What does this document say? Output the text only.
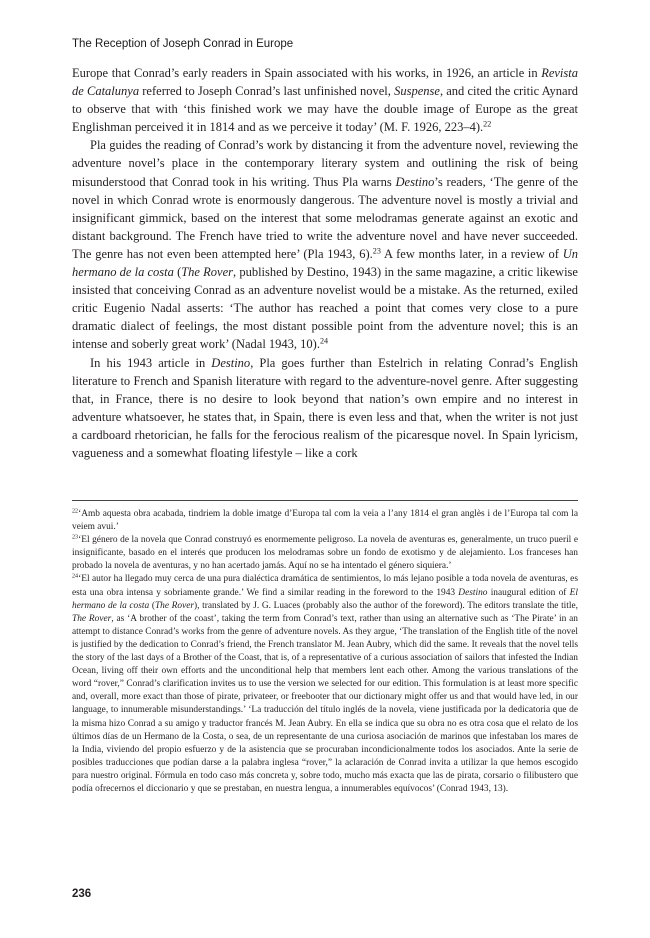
The Reception of Joseph Conrad in Europe

Europe that Conrad’s early readers in Spain associated with his works, in 1926, an article in Revista de Catalunya referred to Joseph Conrad’s last unfinished novel, Suspense, and cited the critic Aynard to observe that with ‘this finished work we may have the double image of Europe as the great Englishman perceived it in 1814 and as we perceive it today’ (M. F. 1926, 223–4).$^{22}$

Pla guides the reading of Conrad’s work by distancing it from the adventure novel, reviewing the adventure novel’s place in the contemporary literary system and outlining the risk of being misunderstood that Conrad took in his writing. Thus Pla warns Destino’s readers, ‘The genre of the novel in which Conrad wrote is enormously dangerous. The adventure novel is mostly a trivial and insignificant gimmick, based on the interest that some melodramas generate against an exotic and distant background. The French have tried to write the adventure novel and have never succeeded. The genre has not even been attempted here’ (Pla 1943, 6).$^{23}$ A few months later, in a review of Un hermano de la costa (The Rover, published by Destino, 1943) in the same magazine, a critic likewise insisted that conceiving Conrad as an adventure novelist would be a mistake. As the returned, exiled critic Eugenio Nadal asserts: ‘The author has reached a point that comes very close to a pure dramatic dialect of feelings, the most distant possible point from the adventure novel; this is an intense and soberly great work’ (Nadal 1943, 10).$^{24}$

In his 1943 article in Destino, Pla goes further than Estelrich in relating Conrad’s English literature to French and Spanish literature with regard to the adventure-novel genre. After suggesting that, in France, there is no desire to look beyond that nation’s own empire and no interest in adventure whatsoever, he states that, in Spain, there is even less and that, when the writer is not just a cardboard rhetorician, he falls for the ferocious realism of the picaresque novel. In Spain lyricism, vagueness and a somewhat floating lifestyle – like a cork

$^{22}$‘Amb aquesta obra acabada, tindriem la doble imatge d’Europa tal com la veia a l’any 1814 el gran anglès i de l’Europa tal com la veiem avui.’

$^{23}$‘El género de la novela que Conrad construyó es enormemente peligroso. La novela de aventuras es, generalmente, un truco pueril e insignificante, basado en el interés que producen los melodramas sobre un fondo de exotismo y de alejamiento. Los franceses han probado la novela de aventuras, y no han acertado jamás. Aquí no se ha intentado el género siquiera.’

$^{24}$‘El autor ha llegado muy cerca de una pura dialéctica dramática de sentimientos, lo más lejano posible a toda novela de aventuras, es esta una obra intensa y sobriamente grande.’ We find a similar reading in the foreword to the 1943 Destino inaugural edition of El hermano de la costa (The Rover), translated by J. G. Luaces (probably also the author of the foreword). The editors translate the title, The Rover, as ‘A brother of the coast’, taking the term from Conrad’s text, rather than using an alternative such as ‘The Pirate’ in an attempt to distance Conrad’s works from the genre of adventure novels. As they argue, ‘The translation of the English title of the novel is justified by the dedication to Conrad’s friend, the French translator M. Jean Aubry, which did the same. It reveals that the novel tells the story of the last days of a Brother of the Coast, that is, of a representative of a curious association of sailors that infested the Indian Ocean, living off their own efforts and the unconditional help that members lent each other. Among the various translations of the word “rover,” Conrad’s clarification invites us to use the version we selected for our edition. This formulation is at least more specific and, overall, more exact than those of pirate, privateer, or freebooter that our dictionary might offer us and that would have led, in our language, to innumerable misunderstandings.’ ‘La traducción del título inglés de la novela, viene justificada por la dedicatoria que de la misma hizo Conrad a su amigo y traductor francés M. Jean Aubry. En ella se indica que su obra no es otra cosa que el relato de los últimos días de un Hermano de la Costa, o sea, de un representante de una curiosa asociación de marinos que infestaban los mares de la India, viviendo del propio esfuerzo y de la asistencia que se procuraban incondicionalmente todos los asociados. Ante la serie de posibles traducciones que podían darse a la palabra inglesa “rover,” la aclaración de Conrad invita a utilizar la que hemos escogido para nuestro original. Fórmula en todo caso más concreta y, sobre todo, mucho más exacta que las de pirata, corsario o filibustero que podía ofrecernos el diccionario y que se prestaban, en nuestra lengua, a innumerables equívocos’ (Conrad 1943, 13).

236
